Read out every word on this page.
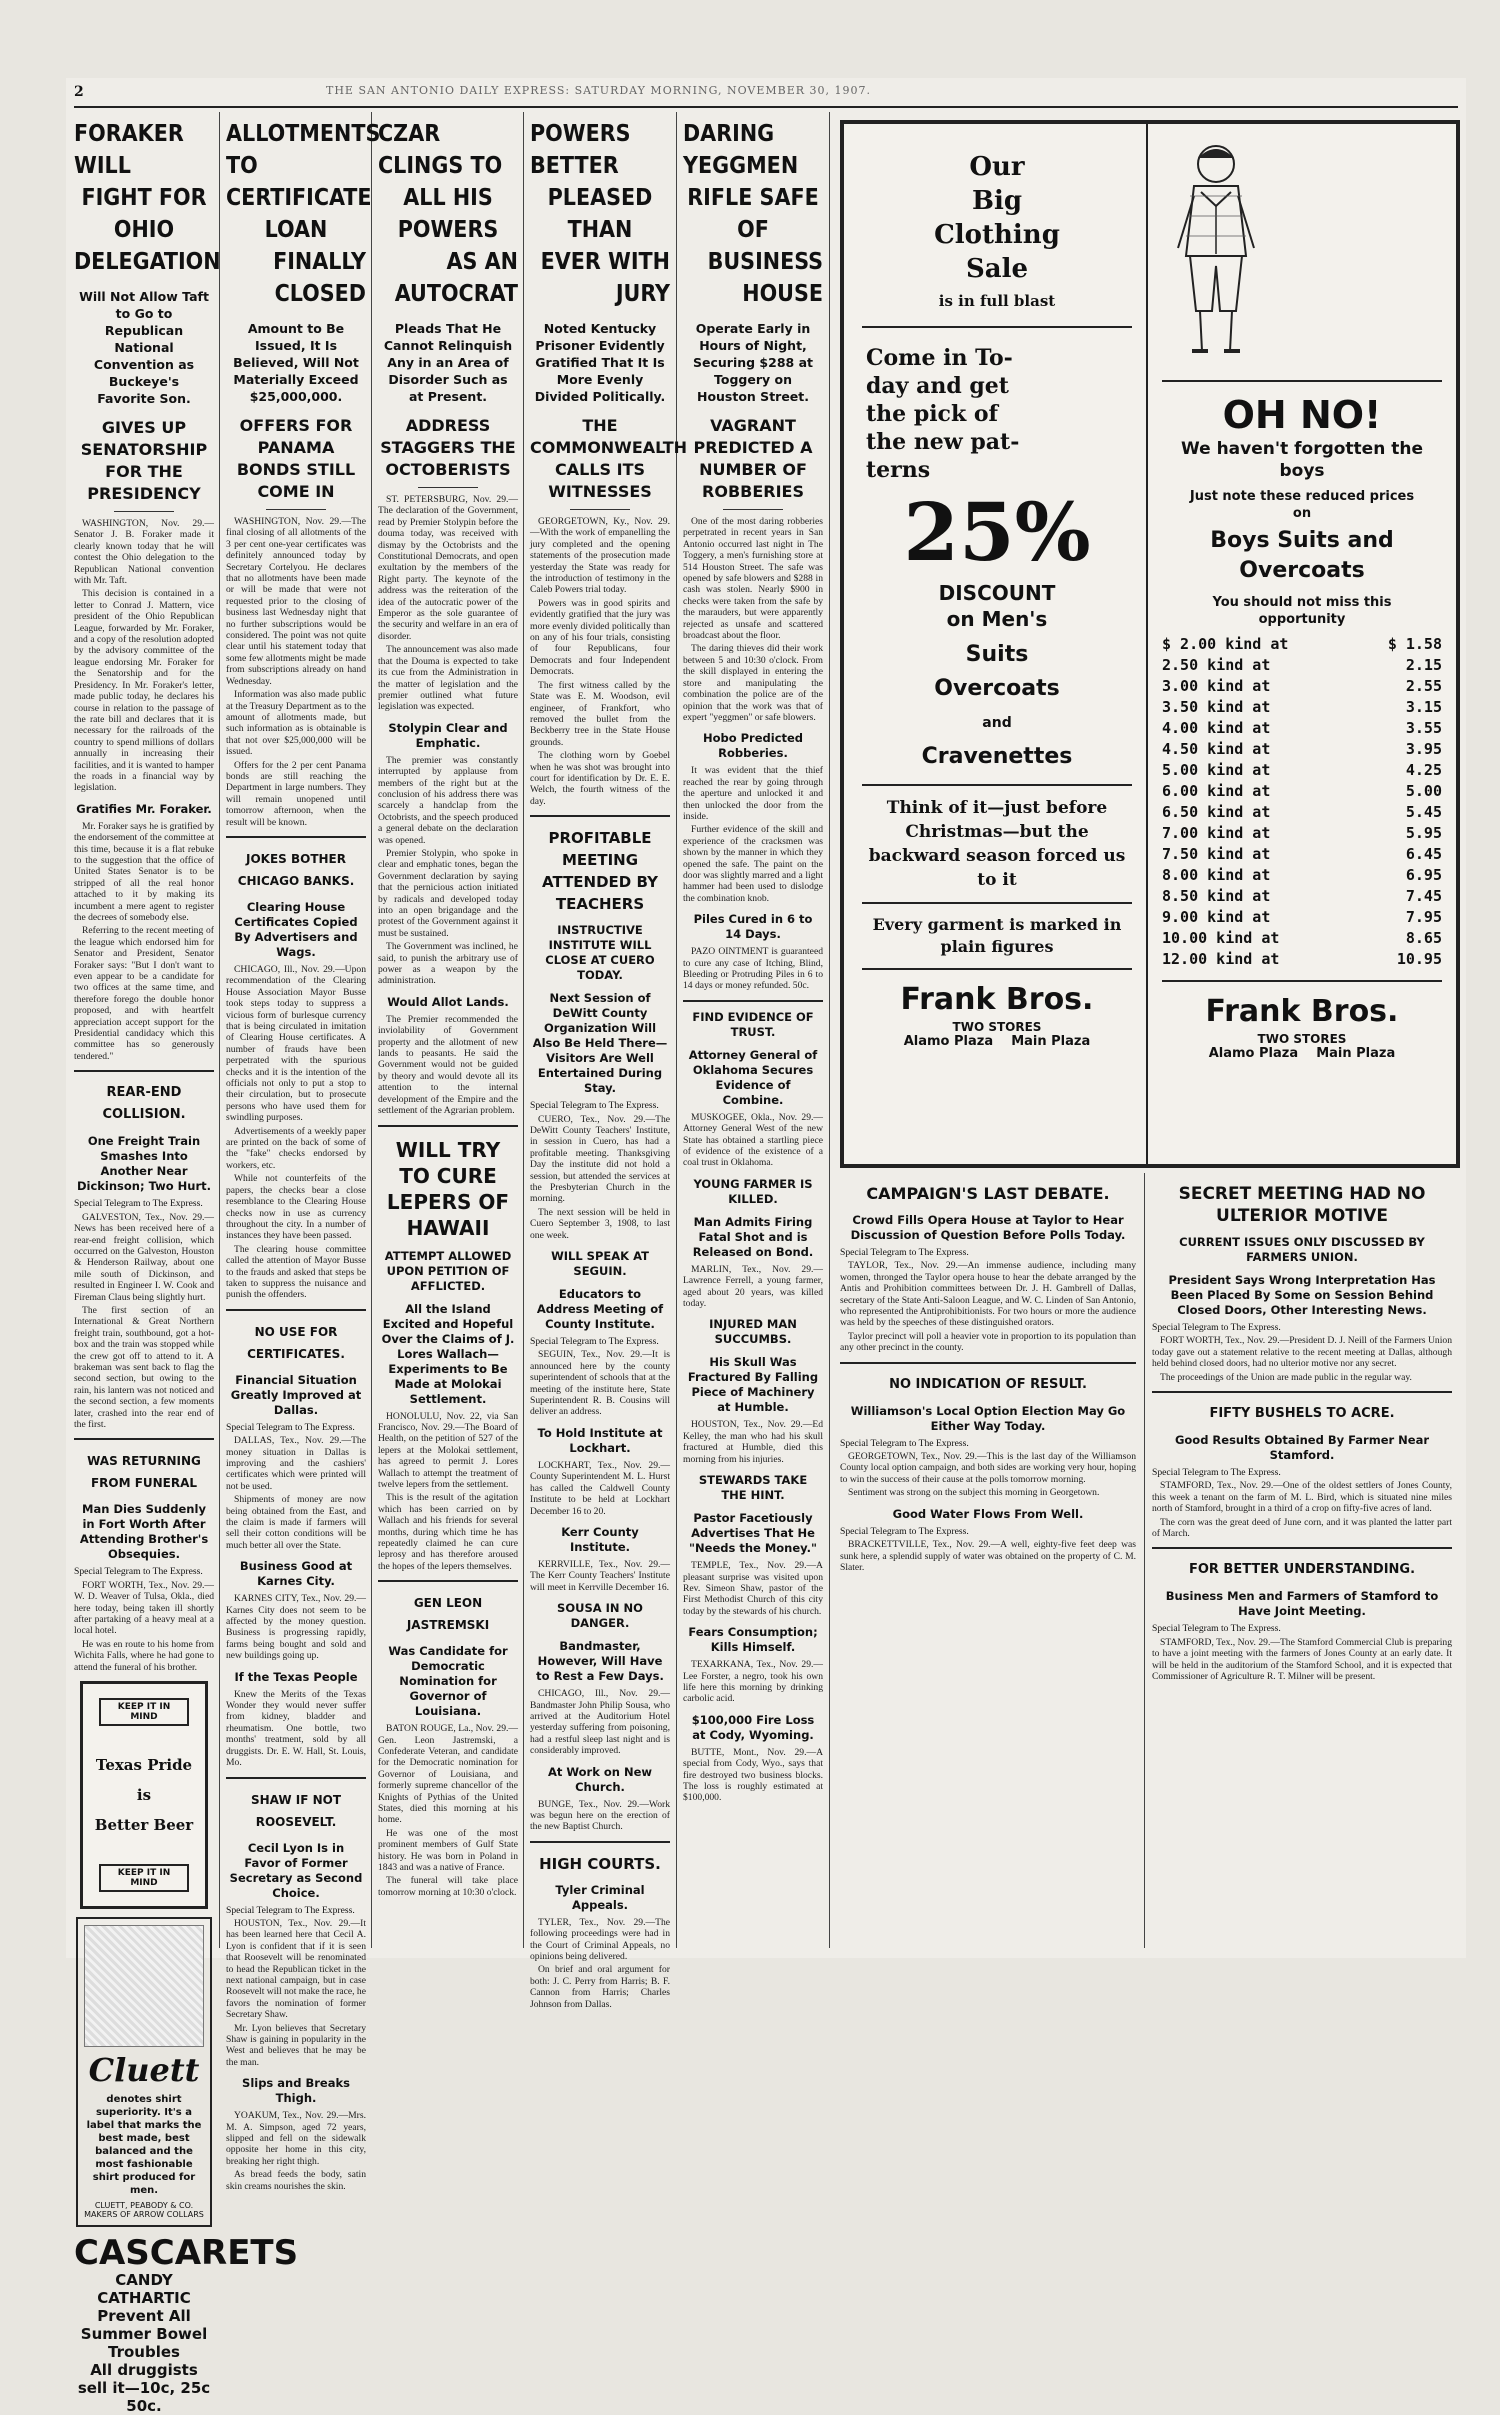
2	THE SAN ANTONIO DAILY EXPRESS: SATURDAY MORNING, NOVEMBER 30, 1907.
FORAKER WILL
FIGHT FOR OHIO
DELEGATION
Will Not Allow Taft to Go to Republican National Convention as Buckeye's Favorite Son.
GIVES UP SENATORSHIP FOR THE PRESIDENCY

WASHINGTON, Nov. 29.—Senator J. B. Foraker made it clearly known today that he will contest the Ohio delegation to the Republican National convention with Mr. Taft.

This decision is contained in a letter to Conrad J. Mattern, vice president of the Ohio Republican League, forwarded by Mr. Foraker, and a copy of the resolution adopted by the advisory committee of the league endorsing Mr. Foraker for the Senatorship and for the Presidency. In Mr. Foraker's letter, made public today, he declares his course in relation to the passage of the rate bill and declares that it is necessary for the railroads of the country to spend millions of dollars annually in increasing their facilities, and it is wanted to hamper the roads in a financial way by legislation.

Gratifies Mr. Foraker.

Mr. Foraker says he is gratified by the endorsement of the committee at this time, because it is a flat rebuke to the suggestion that the office of United States Senator is to be stripped of all the real honor attached to it by making its incumbent a mere agent to register the decrees of somebody else.

Referring to the recent meeting of the league which endorsed him for Senator and President, Senator Foraker says: "But I don't want to even appear to be a candidate for two offices at the same time, and therefore forego the double honor proposed, and with heartfelt appreciation accept support for the Presidential candidacy which this committee has so generously tendered."

REAR-END COLLISION.
One Freight Train Smashes Into Another Near Dickinson; Two Hurt.
Special Telegram to The Express.

GALVESTON, Tex., Nov. 29.—News has been received here of a rear-end freight collision, which occurred on the Galveston, Houston & Henderson Railway, about one mile south of Dickinson, and resulted in Engineer I. W. Cook and Fireman Claus being slightly hurt.

The first section of an International & Great Northern freight train, southbound, got a hot-box and the train was stopped while the crew got off to attend to it. A brakeman was sent back to flag the second section, but owing to the rain, his lantern was not noticed and the second section, a few moments later, crashed into the rear end of the first.

WAS RETURNING FROM FUNERAL
Man Dies Suddenly in Fort Worth After Attending Brother's Obsequies.
Special Telegram to The Express.

FORT WORTH, Tex., Nov. 29.—W. D. Weaver of Tulsa, Okla., died here today, being taken ill shortly after partaking of a heavy meal at a local hotel.

He was en route to his home from Wichita Falls, where he had gone to attend the funeral of his brother.

KEEP IT IN MIND
Texas Pride
is
Better Beer
KEEP IT IN MIND
Cluett
denotes shirt superiority. It's a label that marks the best made, best balanced and the most fashionable shirt produced for men.
CLUETT, PEABODY & CO. MAKERS OF ARROW COLLARS
CASCARETS
CANDY CATHARTIC
Prevent All Summer Bowel Troubles
All druggists sell it—10c, 25c 50c.
ALLOTMENTS TO
CERTIFICATE LOAN
FINALLY CLOSED
Amount to Be Issued, It Is Believed, Will Not Materially Exceed $25,000,000.
OFFERS FOR PANAMA BONDS STILL COME IN

WASHINGTON, Nov. 29.—The final closing of all allotments of the 3 per cent one-year certificates was definitely announced today by Secretary Cortelyou. He declares that no allotments have been made or will be made that were not requested prior to the closing of business last Wednesday night that no further subscriptions would be considered. The point was not quite clear until his statement today that some few allotments might be made from subscriptions already on hand Wednesday.

Information was also made public at the Treasury Department as to the amount of allotments made, but such information as is obtainable is that not over $25,000,000 will be issued.

Offers for the 2 per cent Panama bonds are still reaching the Department in large numbers. They will remain unopened until tomorrow afternoon, when the result will be known.

JOKES BOTHER CHICAGO BANKS.
Clearing House Certificates Copied By Advertisers and Wags.

CHICAGO, Ill., Nov. 29.—Upon recommendation of the Clearing House Association Mayor Busse took steps today to suppress a vicious form of burlesque currency that is being circulated in imitation of Clearing House certificates. A number of frauds have been perpetrated with the spurious checks and it is the intention of the officials not only to put a stop to their circulation, but to prosecute persons who have used them for swindling purposes.

Advertisements of a weekly paper are printed on the back of some of the "fake" checks endorsed by workers, etc.

While not counterfeits of the papers, the checks bear a close resemblance to the Clearing House checks now in use as currency throughout the city. In a number of instances they have been passed.

The clearing house committee called the attention of Mayor Busse to the frauds and asked that steps be taken to suppress the nuisance and punish the offenders.

NO USE FOR CERTIFICATES.
Financial Situation Greatly Improved at Dallas.
Special Telegram to The Express.

DALLAS, Tex., Nov. 29.—The money situation in Dallas is improving and the cashiers' certificates which were printed will not be used.

Shipments of money are now being obtained from the East, and the claim is made if farmers will sell their cotton conditions will be much better all over the State.

Business Good at Karnes City.

KARNES CITY, Tex., Nov. 29.—Karnes City does not seem to be affected by the money question. Business is progressing rapidly, farms being bought and sold and new buildings going up.

If the Texas People

Knew the Merits of the Texas Wonder they would never suffer from kidney, bladder and rheumatism. One bottle, two months' treatment, sold by all druggists. Dr. E. W. Hall, St. Louis, Mo.

SHAW IF NOT ROOSEVELT.
Cecil Lyon Is in Favor of Former Secretary as Second Choice.
Special Telegram to The Express.

HOUSTON, Tex., Nov. 29.—It has been learned here that Cecil A. Lyon is confident that if it is seen that Roosevelt will be renominated to head the Republican ticket in the next national campaign, but in case Roosevelt will not make the race, he favors the nomination of former Secretary Shaw.

Mr. Lyon believes that Secretary Shaw is gaining in popularity in the West and believes that he may be the man.

Slips and Breaks Thigh.

YOAKUM, Tex., Nov. 29.—Mrs. M. A. Simpson, aged 72 years, slipped and fell on the sidewalk opposite her home in this city, breaking her right thigh.

As bread feeds the body, satin skin creams nourishes the skin.

CZAR CLINGS TO
ALL HIS POWERS
AS AN AUTOCRAT
Pleads That He Cannot Relinquish Any in an Area of Disorder Such as at Present.
ADDRESS STAGGERS THE OCTOBERISTS

ST. PETERSBURG, Nov. 29.—The declaration of the Government, read by Premier Stolypin before the douma today, was received with dismay by the Octobrists and the Constitutional Democrats, and open exultation by the members of the Right party. The keynote of the address was the reiteration of the idea of the autocratic power of the Emperor as the sole guarantee of the security and welfare in an era of disorder.

The announcement was also made that the Douma is expected to take its cue from the Administration in the matter of legislation and the premier outlined what future legislation was expected.

Stolypin Clear and Emphatic.

The premier was constantly interrupted by applause from members of the right but at the conclusion of his address there was scarcely a handclap from the Octobrists, and the speech produced a general debate on the declaration was opened.

Premier Stolypin, who spoke in clear and emphatic tones, began the Government declaration by saying that the pernicious action initiated by radicals and developed today into an open brigandage and the protest of the Government against it must be sustained.

The Government was inclined, he said, to punish the arbitrary use of power as a weapon by the administration.

Would Allot Lands.

The Premier recommended the inviolability of Government property and the allotment of new lands to peasants. He said the Government would not be guided by theory and would devote all its attention to the internal development of the Empire and the settlement of the Agrarian problem.

WILL TRY TO CURE LEPERS OF HAWAII
ATTEMPT ALLOWED UPON PETITION OF AFFLICTED.
All the Island Excited and Hopeful Over the Claims of J. Lores Wallach—Experiments to Be Made at Molokai Settlement.

HONOLULU, Nov. 22, via San Francisco, Nov. 29.—The Board of Health, on the petition of 527 of the lepers at the Molokai settlement, has agreed to permit J. Lores Wallach to attempt the treatment of twelve lepers from the settlement.

This is the result of the agitation which has been carried on by Wallach and his friends for several months, during which time he has repeatedly claimed he can cure leprosy and has therefore aroused the hopes of the lepers themselves.

GEN LEON JASTREMSKI
Was Candidate for Democratic Nomination for Governor of Louisiana.

BATON ROUGE, La., Nov. 29.—Gen. Leon Jastremski, a Confederate Veteran, and candidate for the Democratic nomination for Governor of Louisiana, and formerly supreme chancellor of the Knights of Pythias of the United States, died this morning at his home.

He was one of the most prominent members of Gulf State history. He was born in Poland in 1843 and was a native of France.

The funeral will take place tomorrow morning at 10:30 o'clock.

POWERS BETTER
PLEASED THAN
EVER WITH JURY
Noted Kentucky Prisoner Evidently Gratified That It Is More Evenly Divided Politically.
THE COMMONWEALTH CALLS ITS WITNESSES

GEORGETOWN, Ky., Nov. 29.—With the work of empanelling the jury completed and the opening statements of the prosecution made yesterday the State was ready for the introduction of testimony in the Caleb Powers trial today.

Powers was in good spirits and evidently gratified that the jury was more evenly divided politically than on any of his four trials, consisting of four Republicans, four Democrats and four Independent Democrats.

The first witness called by the State was E. M. Woodson, evil engineer, of Frankfort, who removed the bullet from the Beckberry tree in the State House grounds.

The clothing worn by Goebel when he was shot was brought into court for identification by Dr. E. E. Welch, the fourth witness of the day.

PROFITABLE MEETING ATTENDED BY TEACHERS
INSTRUCTIVE INSTITUTE WILL CLOSE AT CUERO TODAY.
Next Session of DeWitt County Organization Will Also Be Held There—Visitors Are Well Entertained During Stay.
Special Telegram to The Express.

CUERO, Tex., Nov. 29.—The DeWitt County Teachers' Institute, in session in Cuero, has had a profitable meeting. Thanksgiving Day the institute did not hold a session, but attended the services at the Presbyterian Church in the morning.

The next session will be held in Cuero September 3, 1908, to last one week.

WILL SPEAK AT SEGUIN.
Educators to Address Meeting of County Institute.
Special Telegram to The Express.

SEGUIN, Tex., Nov. 29.—It is announced here by the county superintendent of schools that at the meeting of the institute here, State Superintendent R. B. Cousins will deliver an address.

To Hold Institute at Lockhart.

LOCKHART, Tex., Nov. 29.—County Superintendent M. L. Hurst has called the Caldwell County Institute to be held at Lockhart December 16 to 20.

Kerr County Institute.

KERRVILLE, Tex., Nov. 29.—The Kerr County Teachers' Institute will meet in Kerrville December 16.

SOUSA IN NO DANGER.
Bandmaster, However, Will Have to Rest a Few Days.

CHICAGO, Ill., Nov. 29.—Bandmaster John Philip Sousa, who arrived at the Auditorium Hotel yesterday suffering from poisoning, had a restful sleep last night and is considerably improved.

At Work on New Church.

BUNGE, Tex., Nov. 29.—Work was begun here on the erection of the new Baptist Church.

HIGH COURTS.
Tyler Criminal Appeals.

TYLER, Tex., Nov. 29.—The following proceedings were had in the Court of Criminal Appeals, no opinions being delivered.

On brief and oral argument for both: J. C. Perry from Harris; B. F. Cannon from Harris; Charles Johnson from Dallas.

DARING YEGGMEN
RIFLE SAFE OF
BUSINESS HOUSE
Operate Early in Hours of Night, Securing $288 at Toggery on Houston Street.
VAGRANT PREDICTED A NUMBER OF ROBBERIES

One of the most daring robberies perpetrated in recent years in San Antonio occurred last night in The Toggery, a men's furnishing store at 514 Houston Street. The safe was opened by safe blowers and $288 in cash was stolen. Nearly $900 in checks were taken from the safe by the marauders, but were apparently rejected as unsafe and scattered broadcast about the floor.

The daring thieves did their work between 5 and 10:30 o'clock. From the skill displayed in entering the store and manipulating the combination the police are of the opinion that the work was that of expert "yeggmen" or safe blowers.

Hobo Predicted Robberies.

It was evident that the thief reached the rear by going through the aperture and unlocked it and then unlocked the door from the inside.

Further evidence of the skill and experience of the cracksmen was shown by the manner in which they opened the safe. The paint on the door was slightly marred and a light hammer had been used to dislodge the combination knob.

Piles Cured in 6 to 14 Days.

PAZO OINTMENT is guaranteed to cure any case of Itching, Blind, Bleeding or Protruding Piles in 6 to 14 days or money refunded. 50c.

FIND EVIDENCE OF TRUST.
Attorney General of Oklahoma Secures Evidence of Combine.

MUSKOGEE, Okla., Nov. 29.—Attorney General West of the new State has obtained a startling piece of evidence of the existence of a coal trust in Oklahoma.

YOUNG FARMER IS KILLED.
Man Admits Firing Fatal Shot and is Released on Bond.

MARLIN, Tex., Nov. 29.—Lawrence Ferrell, a young farmer, aged about 20 years, was killed today.

INJURED MAN SUCCUMBS.
His Skull Was Fractured By Falling Piece of Machinery at Humble.

HOUSTON, Tex., Nov. 29.—Ed Kelley, the man who had his skull fractured at Humble, died this morning from his injuries.

STEWARDS TAKE THE HINT.
Pastor Facetiously Advertises That He "Needs the Money."

TEMPLE, Tex., Nov. 29.—A pleasant surprise was visited upon Rev. Simeon Shaw, pastor of the First Methodist Church of this city today by the stewards of his church.

Fears Consumption; Kills Himself.

TEXARKANA, Tex., Nov. 29.—Lee Forster, a negro, took his own life here this morning by drinking carbolic acid.

$100,000 Fire Loss at Cody, Wyoming.

BUTTE, Mont., Nov. 29.—A special from Cody, Wyo., says that fire destroyed two business blocks. The loss is roughly estimated at $100,000.

Our
Big
Clothing
Sale
is in full blast
Come in To-
day and get
the pick of
the new pat-
terns
25%
DISCOUNT
on Men's
Suits
Overcoats
and
Cravenettes
Think of it—just before Christmas—but the backward season forced us to it
Every garment is marked in plain figures
Frank Bros.
TWO STORES
Alamo Plaza    Main Plaza
OH NO!
We haven't forgotten the boys
Just note these reduced prices on
Boys Suits and Overcoats
You should not miss this opportunity
$ 2.00 kind at	$ 1.58
2.50 kind at	2.15
3.00 kind at	2.55
3.50 kind at	3.15
4.00 kind at	3.55
4.50 kind at	3.95
5.00 kind at	4.25
6.00 kind at	5.00
6.50 kind at	5.45
7.00 kind at	5.95
7.50 kind at	6.45
8.00 kind at	6.95
8.50 kind at	7.45
9.00 kind at	7.95
10.00 kind at	8.65
12.00 kind at	10.95
Frank Bros.
TWO STORES
Alamo Plaza    Main Plaza
CAMPAIGN'S LAST DEBATE.
Crowd Fills Opera House at Taylor to Hear Discussion of Question Before Polls Today.
Special Telegram to The Express.

TAYLOR, Tex., Nov. 29.—An immense audience, including many women, thronged the Taylor opera house to hear the debate arranged by the Antis and Prohibition committees between Dr. J. H. Gambrell of Dallas, secretary of the State Anti-Saloon League, and W. C. Linden of San Antonio, who represented the Antiprohibitionists. For two hours or more the audience was held by the speeches of these distinguished orators.

Taylor precinct will poll a heavier vote in proportion to its population than any other precinct in the county.

NO INDICATION OF RESULT.
Williamson's Local Option Election May Go Either Way Today.
Special Telegram to The Express.

GEORGETOWN, Tex., Nov. 29.—This is the last day of the Williamson County local option campaign, and both sides are working very hour, hoping to win the success of their cause at the polls tomorrow morning.

Sentiment was strong on the subject this morning in Georgetown.

Good Water Flows From Well.
Special Telegram to The Express.

BRACKETTVILLE, Tex., Nov. 29.—A well, eighty-five feet deep was sunk here, a splendid supply of water was obtained on the property of C. M. Slater.

SECRET MEETING HAD NO ULTERIOR MOTIVE
CURRENT ISSUES ONLY DISCUSSED BY FARMERS UNION.
President Says Wrong Interpretation Has Been Placed By Some on Session Behind Closed Doors, Other Interesting News.
Special Telegram to The Express.

FORT WORTH, Tex., Nov. 29.—President D. J. Neill of the Farmers Union today gave out a statement relative to the recent meeting at Dallas, although held behind closed doors, had no ulterior motive nor any secret.

The proceedings of the Union are made public in the regular way.

FIFTY BUSHELS TO ACRE.
Good Results Obtained By Farmer Near Stamford.
Special Telegram to The Express.

STAMFORD, Tex., Nov. 29.—One of the oldest settlers of Jones County, this week a tenant on the farm of M. L. Bird, which is situated nine miles north of Stamford, brought in a third of a crop on fifty-five acres of land.

The corn was the great deed of June corn, and it was planted the latter part of March.

FOR BETTER UNDERSTANDING.
Business Men and Farmers of Stamford to Have Joint Meeting.
Special Telegram to The Express.

STAMFORD, Tex., Nov. 29.—The Stamford Commercial Club is preparing to have a joint meeting with the farmers of Jones County at an early date. It will be held in the auditorium of the Stamford School, and it is expected that Commissioner of Agriculture R. T. Milner will be present.
